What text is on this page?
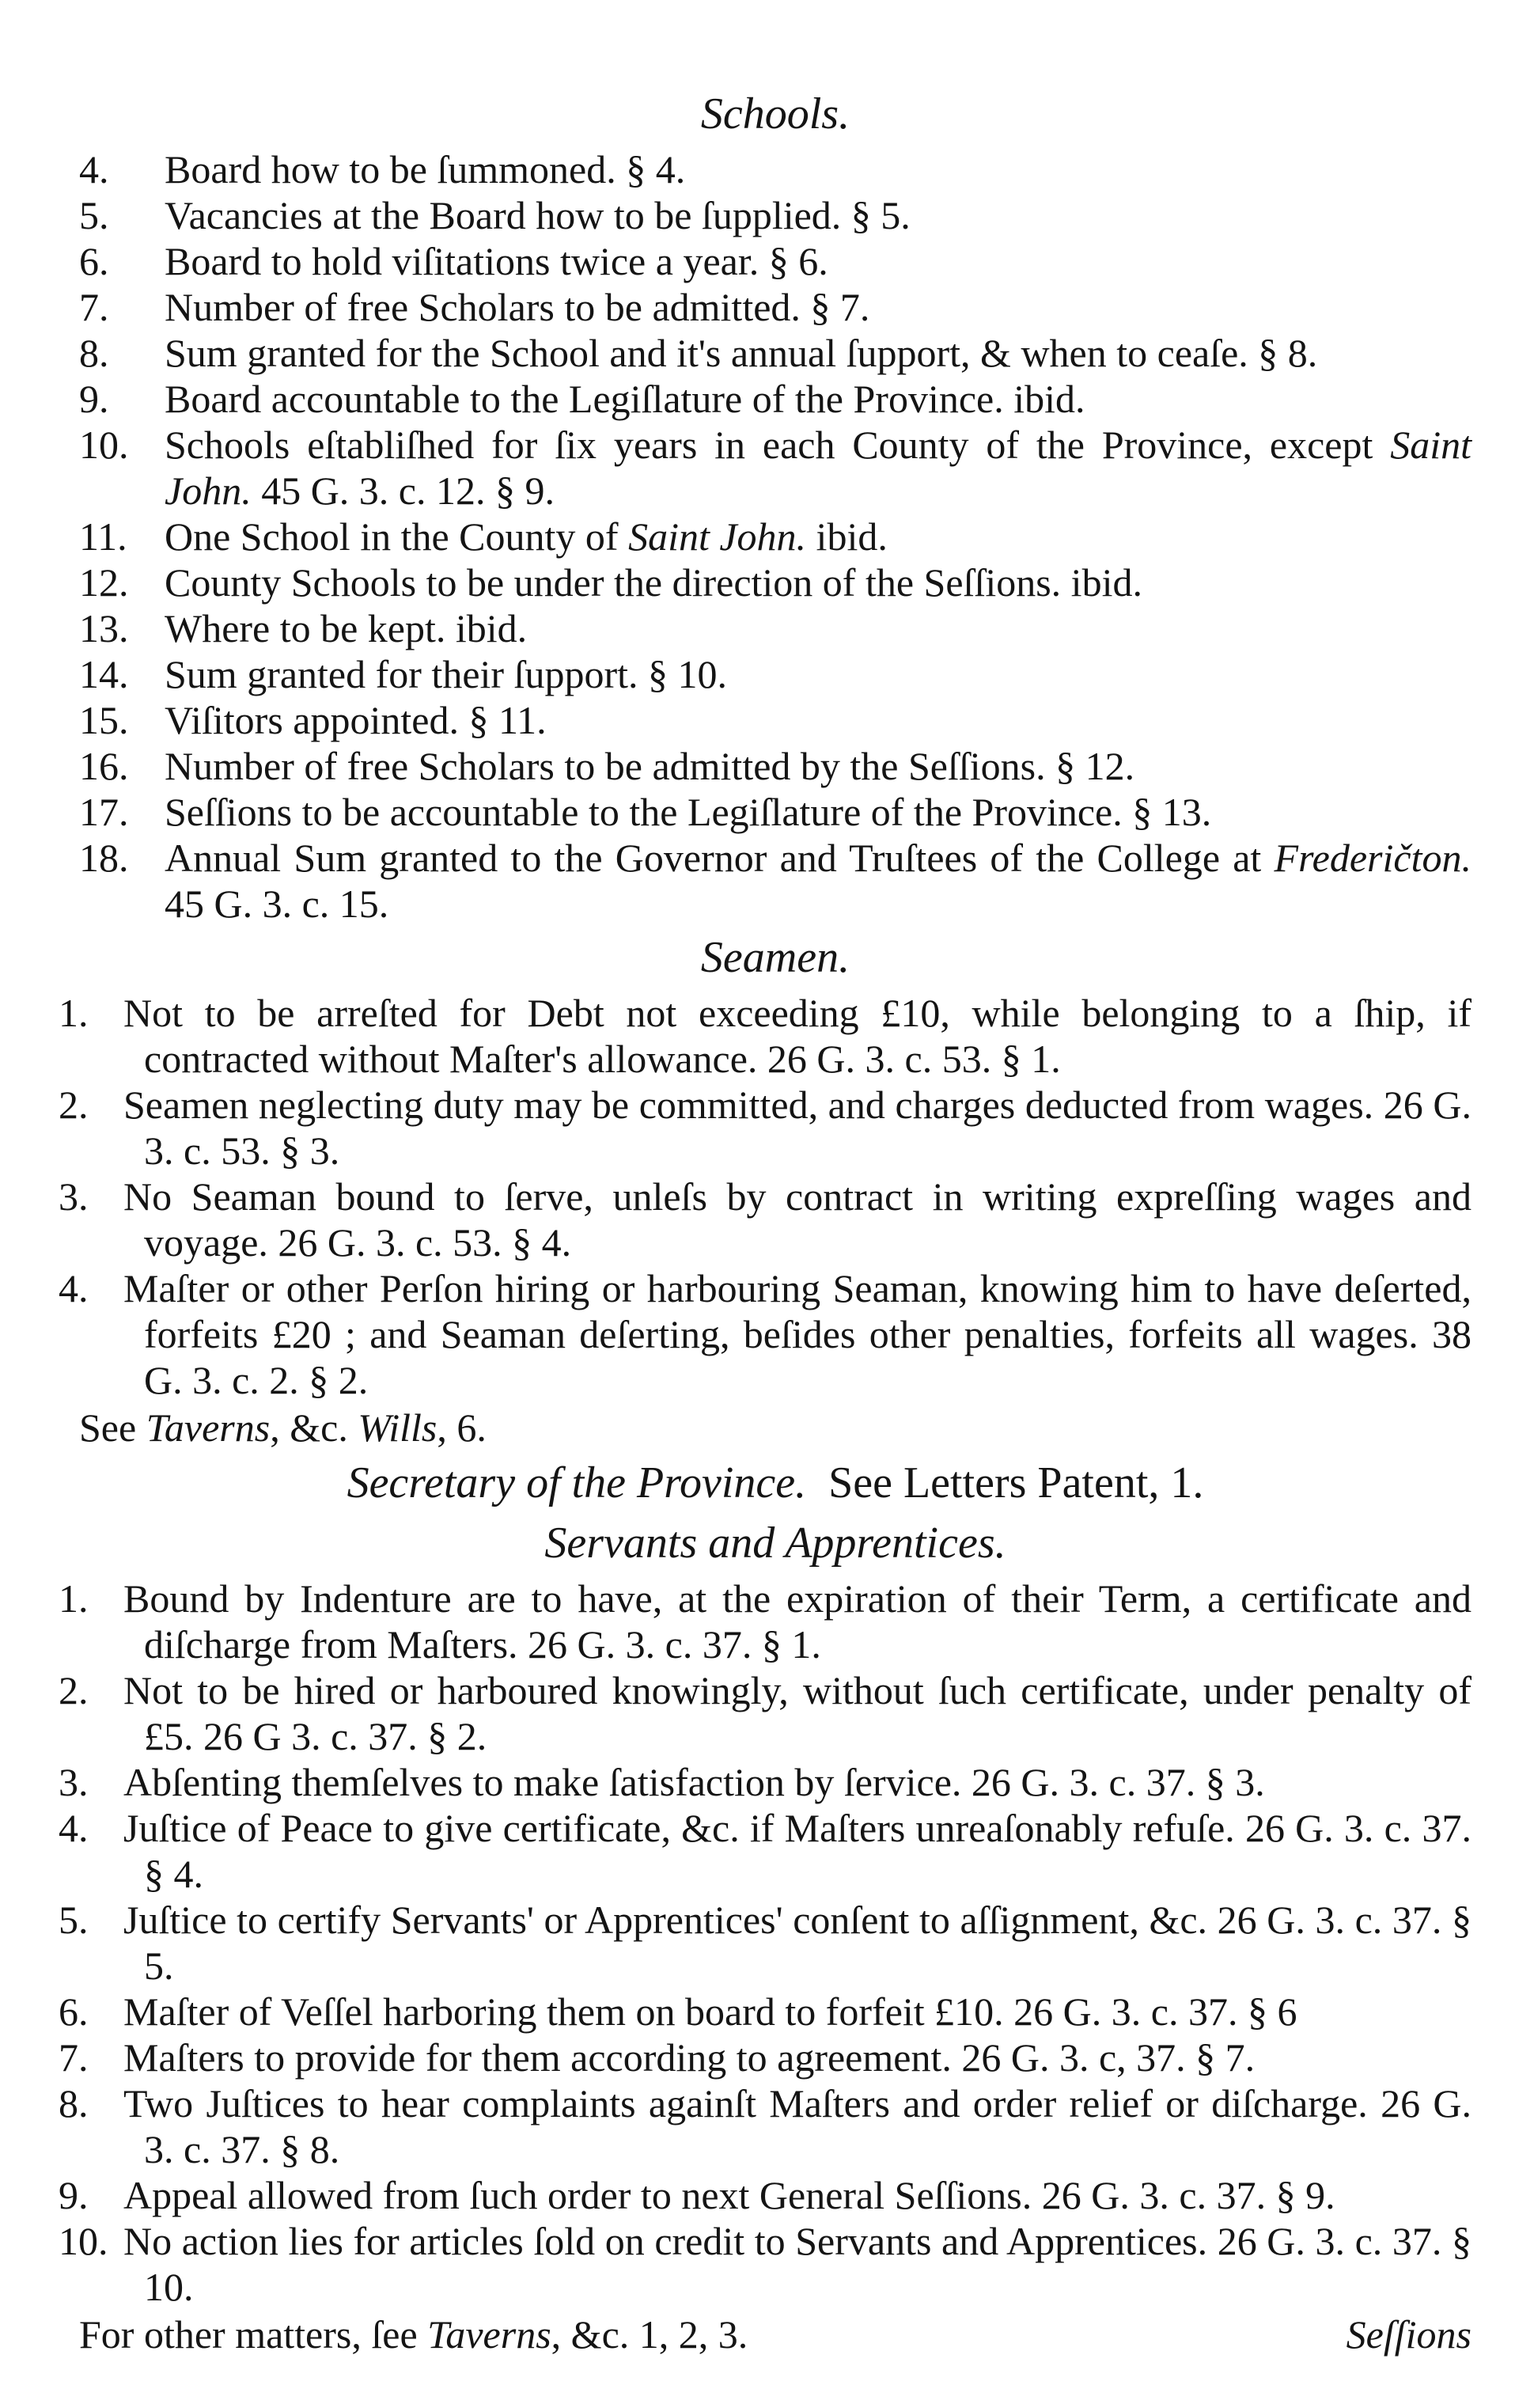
Schools.
4. Board how to be ſummoned. § 4.
5. Vacancies at the Board how to be ſupplied. § 5.
6. Board to hold viſitations twice a year. § 6.
7. Number of free Scholars to be admitted. § 7.
8. Sum granted for the School and it's annual ſupport, & when to ceaſe. § 8.
9. Board accountable to the Legiſlature of the Province. ibid.
10. Schools eſtabliſhed for ſix years in each County of the Province, except Saint John. 45 G. 3. c. 12. § 9.
11. One School in the County of Saint John. ibid.
12. County Schools to be under the direction of the Seſſions. ibid.
13. Where to be kept. ibid.
14. Sum granted for their ſupport. § 10.
15. Viſitors appointed. § 11.
16. Number of free Scholars to be admitted by the Seſſions. § 12.
17. Seſſions to be accountable to the Legiſlature of the Province. § 13.
18. Annual Sum granted to the Governor and Truſtees of the College at Frederičton. 45 G. 3. c. 15.
Seamen.
1. Not to be arreſted for Debt not exceeding £10, while belonging to a ſhip, if contracted without Maſter's allowance. 26 G. 3. c. 53. § 1.
2. Seamen neglecting duty may be committed, and charges deducted from wages. 26 G. 3. c. 53. § 3.
3. No Seaman bound to ſerve, unleſs by contract in writing expreſſing wages and voyage. 26 G. 3. c. 53. § 4.
4. Maſter or other Perſon hiring or harbouring Seaman, knowing him to have deſerted, forfeits £20 ; and Seaman deſerting, beſides other penalties, forfeits all wages. 38 G. 3. c. 2. § 2.
See Taverns, &c. Wills, 6.
Secretary of the Province. See Letters Patent, 1.
Servants and Apprentices.
1. Bound by Indenture are to have, at the expiration of their Term, a certificate and diſcharge from Maſters. 26 G. 3. c. 37. § 1.
2. Not to be hired or harboured knowingly, without ſuch certificate, under penalty of £5. 26 G 3. c. 37. § 2.
3. Abſenting themſelves to make ſatisfaction by ſervice. 26 G. 3. c. 37. § 3.
4. Juſtice of Peace to give certificate, &c. if Maſters unreaſonably refuſe. 26 G. 3. c. 37. § 4.
5. Juſtice to certify Servants' or Apprentices' conſent to aſſignment, &c. 26 G. 3. c. 37. § 5.
6. Maſter of Veſſel harboring them on board to forfeit £10. 26 G. 3. c. 37. § 6
7. Maſters to provide for them according to agreement. 26 G. 3. c, 37. § 7.
8. Two Juſtices to hear complaints againſt Maſters and order relief or diſcharge. 26 G. 3. c. 37. § 8.
9. Appeal allowed from ſuch order to next General Seſſions. 26 G. 3. c. 37. § 9.
10. No action lies for articles ſold on credit to Servants and Apprentices. 26 G. 3. c. 37. § 10.
For other matters, ſee Taverns, &c. 1, 2, 3.	Seſſions
